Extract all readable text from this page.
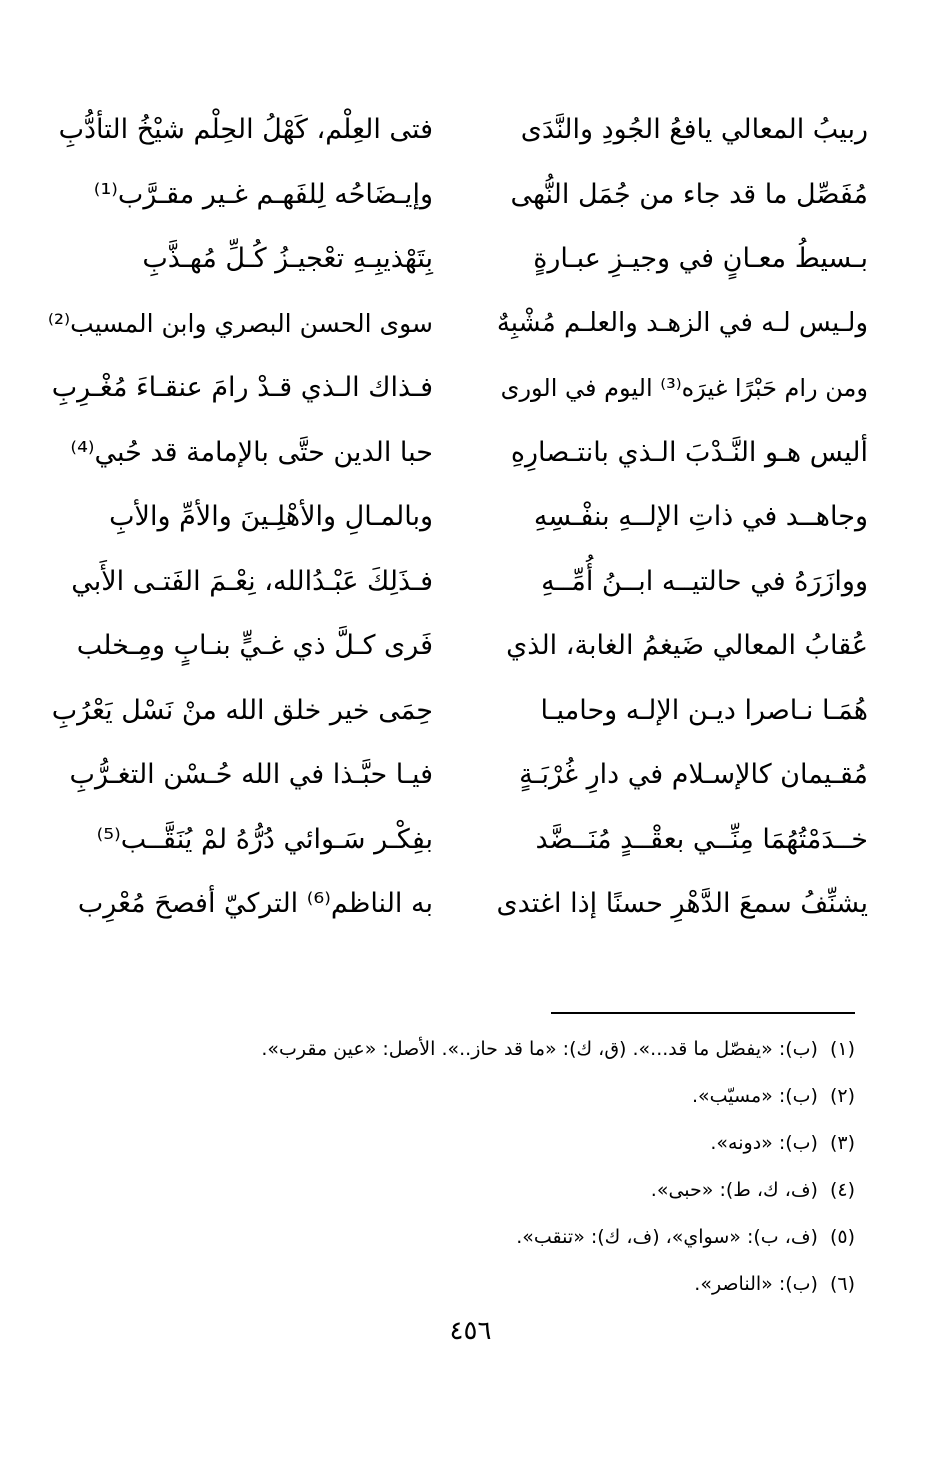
ربيبُ المعالي يافعُ الجُودِ والنَّدَى
فتى العِلْم، كَهْلُ الحِلْم شيْخُ التأدُّبِ
مُفَصِّل ما قد جاء من جُمَل النُّهى
وإيـضَاحُه لِلفَهـم غـير مقـرَّب⁽¹⁾
بـسيطُ معـانٍ في وجيـزِ عبـارةٍ
بِتَهْذيبِـهِ تعْجيـزُ كُـلِّ مُهـذَّبِ
ولـيس لـه في الزهـد والعلـم مُشْبِهٌ
سوى الحسن البصري وابن المسيب⁽²⁾
ومن رام حَبْرًا غيرَه⁽³⁾ اليوم في الورى
فـذاك الـذي قـدْ رامَ عنقـاءَ مُغْـرِبِ
أليس هـو النَّـدْبَ الـذي بانتـصارِهِ
حبا الدين حتَّى بالإمامة قد حُبي⁽⁴⁾
وجاهــد في ذاتِ الإلــهِ بنفْـسِهِ
وبالمـالِ والأهْلِـينَ والأمِّ والأبِ
ووازَرَهُ في حالتيــه ابــنُ أُمِّــهِ
فـذَلِكَ عَبْـدُالله، نِعْـمَ الفَتـى الأَبي
عُقابُ المعالي ضَيغمُ الغابة، الذي
فَرى كـلَّ ذي غـيٍّ بنـابٍ ومِـخلب
هُمَـا نـاصرا ديـن الإلـه وحاميـا
حِمَى خير خلق الله منْ نَسْل يَعْرُبِ
مُقـيمان كالإسـلام في دارِ غُرْبَـةٍ
فيـا حبَّـذا في الله حُـسْن التغـرُّبِ
خــدَمْتُهُمَا مِنِّــي بعقْــدٍ مُنَــضَّد
بفِكْـر سَـوائي دُرُّهُ لمْ يُنَقَّــب⁽⁵⁾
يشنِّفُ سمعَ الدَّهْرِ حسنًا إذا اغتدى
به الناظم⁽⁶⁾ التركيّ أفصحَ مُعْرِب
(١)(ب): «يفصّل ما قد...». (ق، ك): «ما قد حاز..». الأصل: «عين مقرب».
(٢)(ب): «مسيّب».
(٣)(ب): «دونه».
(٤)(ف، ك، ط): «حبى».
(٥)(ف، ب): «سواي»، (ف، ك): «تنقب».
(٦)(ب): «الناصر».
٤٥٦
